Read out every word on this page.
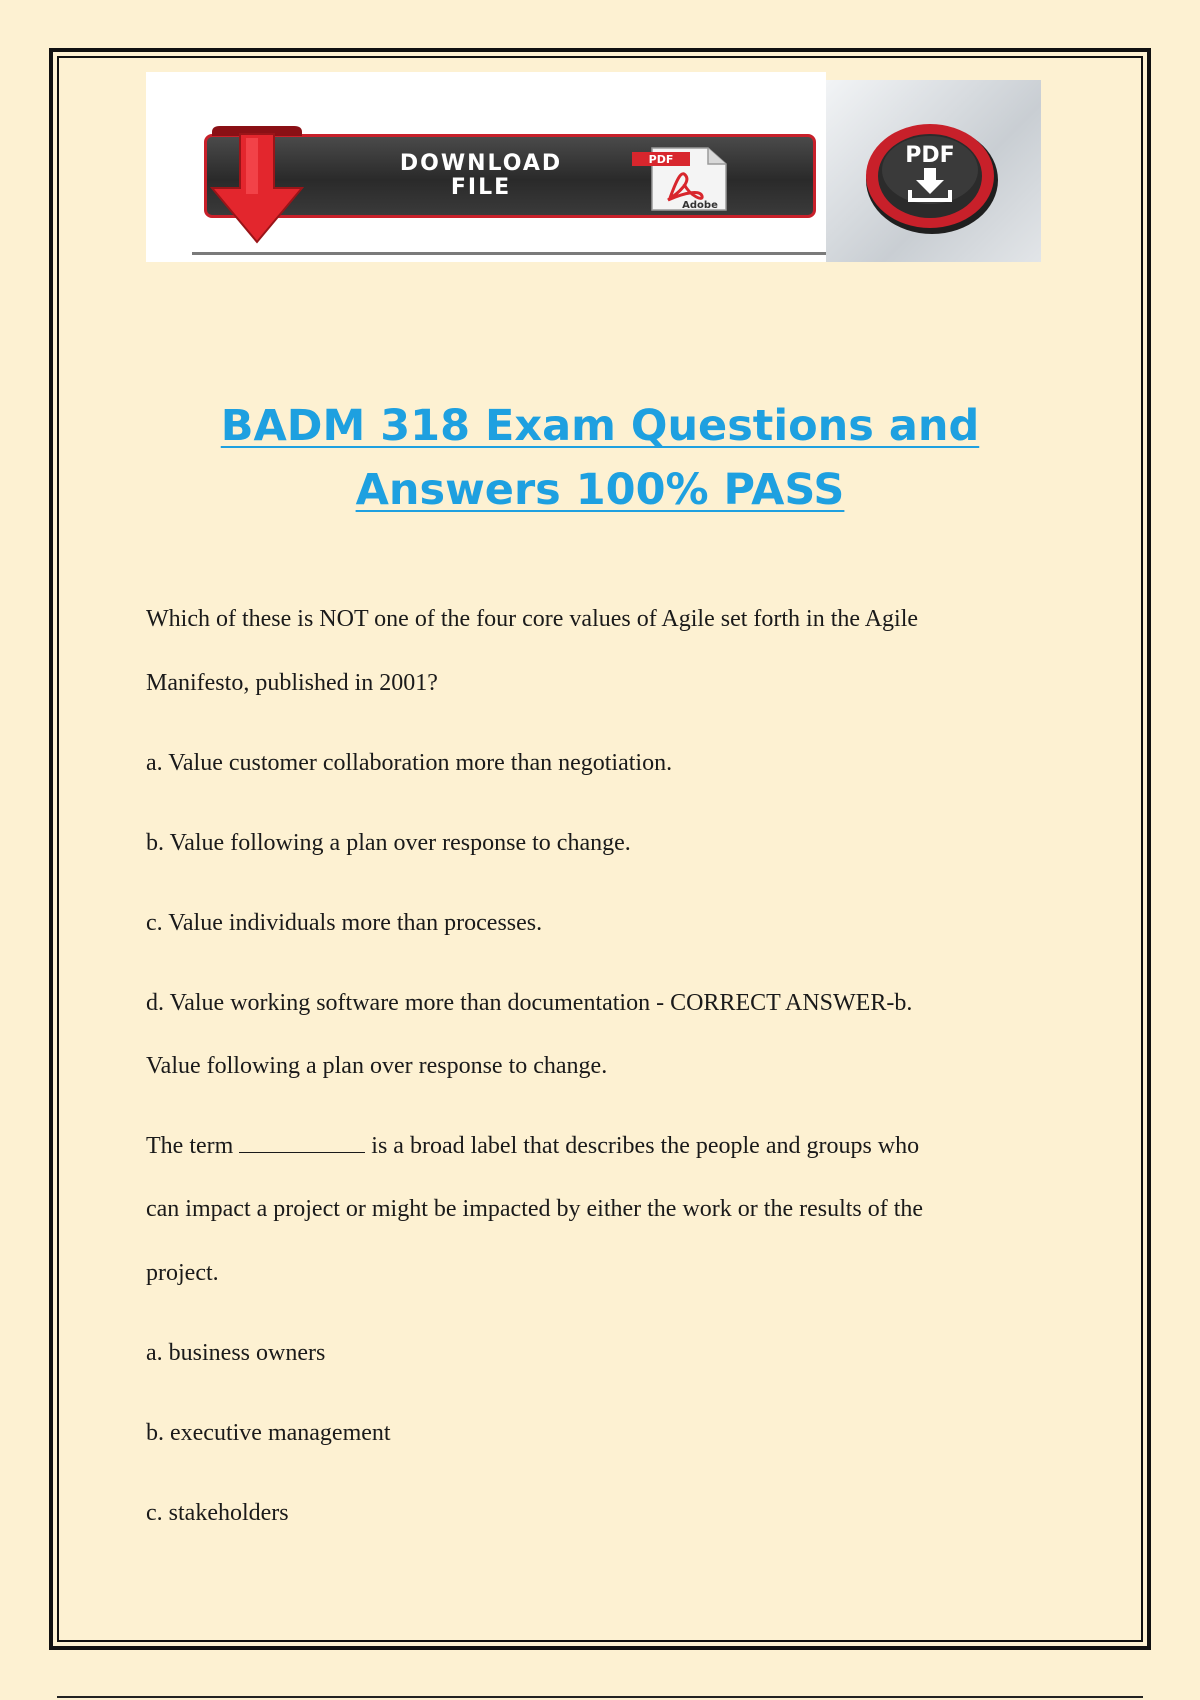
DOWNLOAD
FILE
PDF
Adobe
PDF
BADM 318 Exam Questions and
Answers 100% PASS

Which of these is NOT one of the four core values of Agile set forth in the Agile

Manifesto, published in 2001?

a. Value customer collaboration more than negotiation.

b. Value following a plan over response to change.

c. Value individuals more than processes.

d. Value working software more than documentation - CORRECT ANSWER-b.

Value following a plan over response to change.

The term	is a broad label that describes the people and groups who

can impact a project or might be impacted by either the work or the results of the

project.

a. business owners

b. executive management

c. stakeholders
